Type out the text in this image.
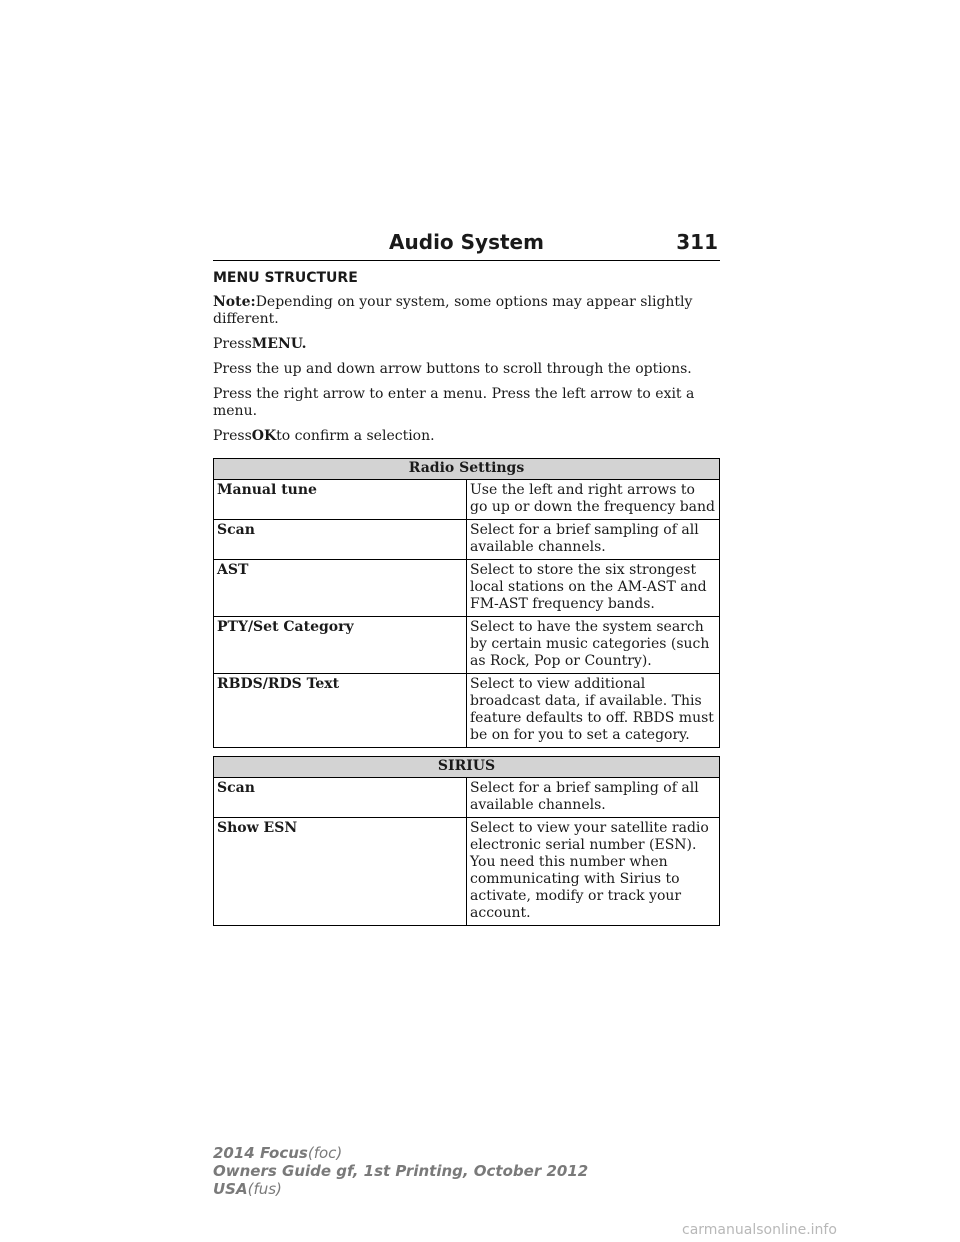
Audio System	311
MENU STRUCTURE

Note:Depending on your system, some options may appear slightly different.

PressMENU.

Press the up and down arrow buttons to scroll through the options.

Press the right arrow to enter a menu. Press the left arrow to exit a menu.

PressOKto confirm a selection.

Radio Settings	
Manual tune	Use the left and right arrows to go up or down the frequency band
Scan	Select for a brief sampling of all available channels.
AST	Select to store the six strongest local stations on the AM-AST and FM-AST frequency bands.
PTY/Set Category	Select to have the system search by certain music categories (such as Rock, Pop or Country).
RBDS/RDS Text	Select to view additional broadcast data, if available. This feature defaults to off. RBDS must be on for you to set a category.
SIRIUS	
Scan	Select for a brief sampling of all available channels.
Show ESN	Select to view your satellite radio electronic serial number (ESN). You need this number when communicating with Sirius to activate, modify or track your account.
2014 Focus(foc)
Owners Guide gf, 1st Printing, October 2012
USA(fus)
carmanualsonline.info
